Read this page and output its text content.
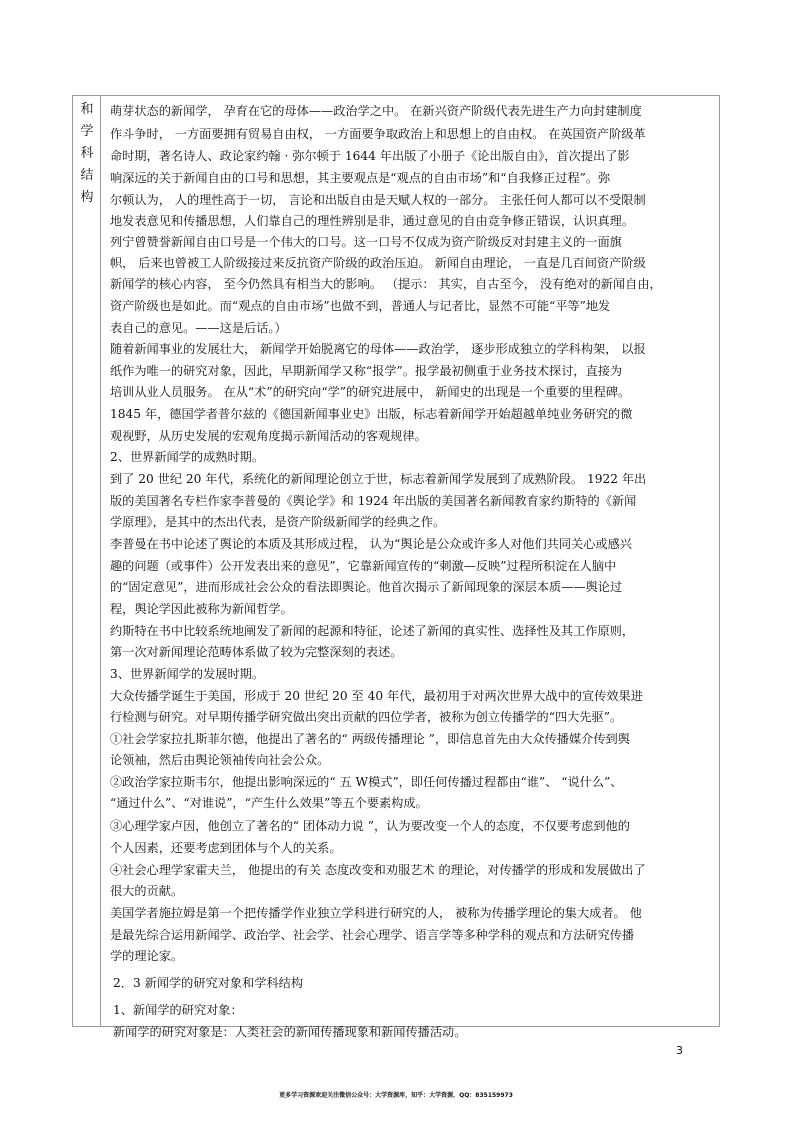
和
学
科
结
构
萌芽状态的新闻学， 孕育在它的母体——政治学之中。 在新兴资产阶级代表先进生产力向封建制度
作斗争时， 一方面要拥有贸易自由权， 一方面要争取政治上和思想上的自由权。 在英国资产阶级革
命时期，著名诗人、政论家约翰 · 弥尔顿于 1644 年出版了小册子《论出版自由》，首次提出了影
响深远的关于新闻自由的口号和思想，其主要观点是“观点的自由市场”和“自我修正过程”。弥
尔顿认为， 人的理性高于一切， 言论和出版自由是天赋人权的一部分。 主张任何人都可以不受限制
地发表意见和传播思想，人们靠自己的理性辨别是非，通过意见的自由竞争修正错误，认识真理。
列宁曾赞誉新闻自由口号是一个伟大的口号。这一口号不仅成为资产阶级反对封建主义的一面旗
帜， 后来也曾被工人阶级接过来反抗资产阶级的政治压迫。 新闻自由理论， 一直是几百间资产阶级
新闻学的核心内容， 至今仍然具有相当大的影响。 （提示： 其实，自古至今， 没有绝对的新闻自由，
资产阶级也是如此。而“观点的自由市场”也做不到，普通人与记者比，显然不可能“平等”地发
表自己的意见。——这是后话。）
随着新闻事业的发展壮大， 新闻学开始脱离它的母体——政治学， 逐步形成独立的学科构架， 以报
纸作为唯一的研究对象，因此，早期新闻学又称“报学”。报学最初侧重于业务技术探讨，直接为
培训从业人员服务。 在从“术”的研究向“学”的研究进展中， 新闻史的出现是一个重要的里程碑。
1845 年，德国学者普尔兹的《德国新闻事业史》出版，标志着新闻学开始超越单纯业务研究的微
观视野，从历史发展的宏观角度揭示新闻活动的客观规律。
2、世界新闻学的成熟时期。
到了 20 世纪 20 年代，系统化的新闻理论创立于世，标志着新闻学发展到了成熟阶段。 1922 年出
版的美国著名专栏作家李普曼的《舆论学》和 1924 年出版的美国著名新闻教育家约斯特的《新闻
学原理》，是其中的杰出代表，是资产阶级新闻学的经典之作。
李普曼在书中论述了舆论的本质及其形成过程， 认为“舆论是公众或许多人对他们共同关心或感兴
趣的问题（或事件）公开发表出来的意见”，它靠新闻宣传的“刺激—反映”过程所积淀在人脑中
的“固定意见”，进而形成社会公众的看法即舆论。他首次揭示了新闻现象的深层本质——舆论过
程，舆论学因此被称为新闻哲学。
约斯特在书中比较系统地阐发了新闻的起源和特征，论述了新闻的真实性、选择性及其工作原则，
第一次对新闻理论范畴体系做了较为完整深刻的表述。
3、世界新闻学的发展时期。
大众传播学诞生于美国，形成于 20 世纪 20 至 40 年代，最初用于对两次世界大战中的宣传效果进
行检测与研究。对早期传播学研究做出突出贡献的四位学者，被称为创立传播学的“四大先驱”。
①社会学家拉扎斯菲尔德，他提出了著名的“ 两级传播理论 ”，即信息首先由大众传播媒介传到舆
论领袖，然后由舆论领袖传向社会公众。
②政治学家拉斯韦尔，他提出影响深远的“ 五 W模式”，即任何传播过程都由“谁”、 “说什么”、
“通过什么”、“对谁说”，“产生什么效果”等五个要素构成。
③心理学家卢因，他创立了著名的“ 团体动力说 ”，认为要改变一个人的态度，不仅要考虑到他的
个人因素，还要考虑到团体与个人的关系。
④社会心理学家霍夫兰， 他提出的有关 态度改变和劝服艺术 的理论，对传播学的形成和发展做出了
很大的贡献。
美国学者施拉姆是第一个把传播学作业独立学科进行研究的人， 被称为传播学理论的集大成者。 他
是最先综合运用新闻学、政治学、社会学、社会心理学、语言学等多种学科的观点和方法研究传播
学的理论家。
2．3 新闻学的研究对象和学科结构
1、新闻学的研究对象：
新闻学的研究对象是：人类社会的新闻传播现象和新闻传播活动。
3
更多学习资源欢迎关注微信公众号：大学资源库，知乎：大学资源，QQ：835159973
